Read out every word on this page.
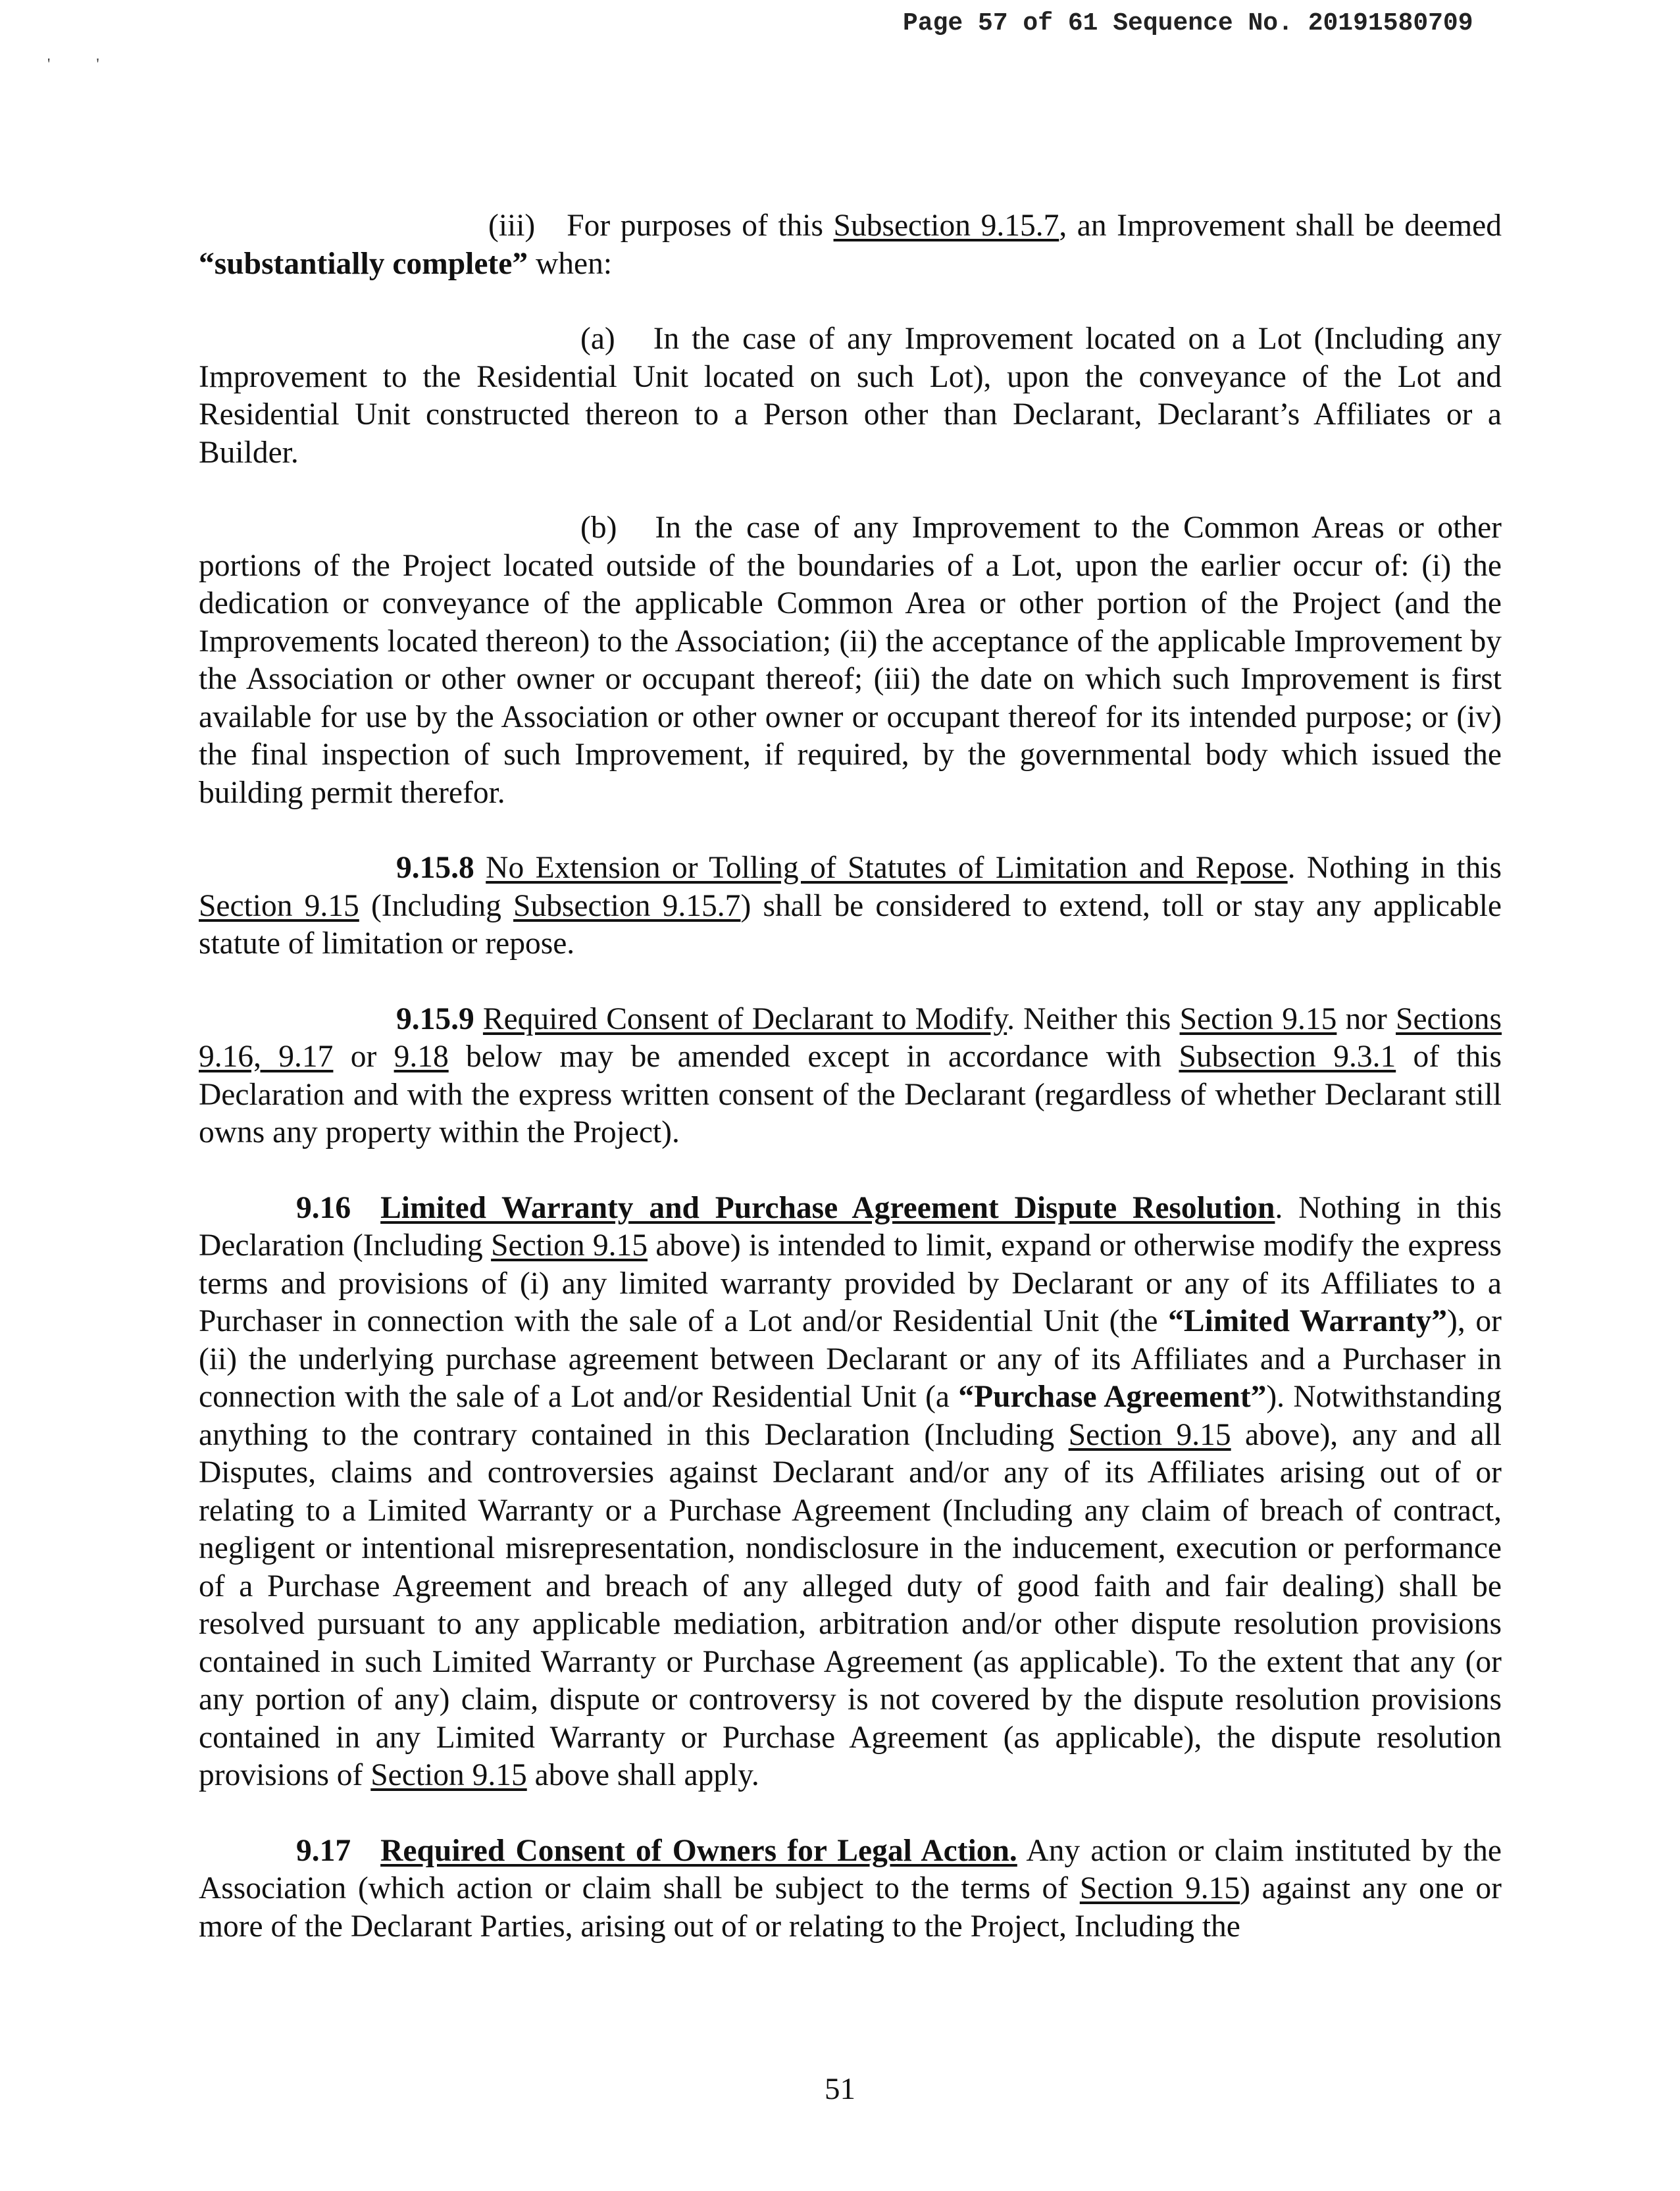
Page 57 of 61 Sequence No. 20191580709
'	'

(iii) For purposes of this Subsection 9.15.7, an Improvement shall be deemed “substantially complete” when:

(a) In the case of any Improvement located on a Lot (Including any Improvement to the Residential Unit located on such Lot), upon the conveyance of the Lot and Residential Unit constructed thereon to a Person other than Declarant, Declarant’s Affiliates or a Builder.

(b) In the case of any Improvement to the Common Areas or other portions of the Project located outside of the boundaries of a Lot, upon the earlier occur of: (i) the dedication or conveyance of the applicable Common Area or other portion of the Project (and the Improvements located thereon) to the Association; (ii) the acceptance of the applicable Improvement by the Association or other owner or occupant thereof; (iii) the date on which such Improvement is first available for use by the Association or other owner or occupant thereof for its intended purpose; or (iv) the final inspection of such Improvement, if required, by the governmental body which issued the building permit therefor.

9.15.8 No Extension or Tolling of Statutes of Limitation and Repose. Nothing in this Section 9.15 (Including Subsection 9.15.7) shall be considered to extend, toll or stay any applicable statute of limitation or repose.

9.15.9 Required Consent of Declarant to Modify. Neither this Section 9.15 nor Sections 9.16, 9.17 or 9.18 below may be amended except in accordance with Subsection 9.3.1 of this Declaration and with the express written consent of the Declarant (regardless of whether Declarant still owns any property within the Project).

9.16 Limited Warranty and Purchase Agreement Dispute Resolution. Nothing in this Declaration (Including Section 9.15 above) is intended to limit, expand or otherwise modify the express terms and provisions of (i) any limited warranty provided by Declarant or any of its Affiliates to a Purchaser in connection with the sale of a Lot and/or Residential Unit (the “Limited Warranty”), or (ii) the underlying purchase agreement between Declarant or any of its Affiliates and a Purchaser in connection with the sale of a Lot and/or Residential Unit (a “Purchase Agreement”). Notwithstanding anything to the contrary contained in this Declaration (Including Section 9.15 above), any and all Disputes, claims and controversies against Declarant and/or any of its Affiliates arising out of or relating to a Limited Warranty or a Purchase Agreement (Including any claim of breach of contract, negligent or intentional misrepresentation, nondisclosure in the inducement, execution or performance of a Purchase Agreement and breach of any alleged duty of good faith and fair dealing) shall be resolved pursuant to any applicable mediation, arbitration and/or other dispute resolution provisions contained in such Limited Warranty or Purchase Agreement (as applicable). To the extent that any (or any portion of any) claim, dispute or controversy is not covered by the dispute resolution provisions contained in any Limited Warranty or Purchase Agreement (as applicable), the dispute resolution provisions of Section 9.15 above shall apply.

9.17 Required Consent of Owners for Legal Action. Any action or claim instituted by the Association (which action or claim shall be subject to the terms of Section 9.15) against any one or more of the Declarant Parties, arising out of or relating to the Project, Including the

51
